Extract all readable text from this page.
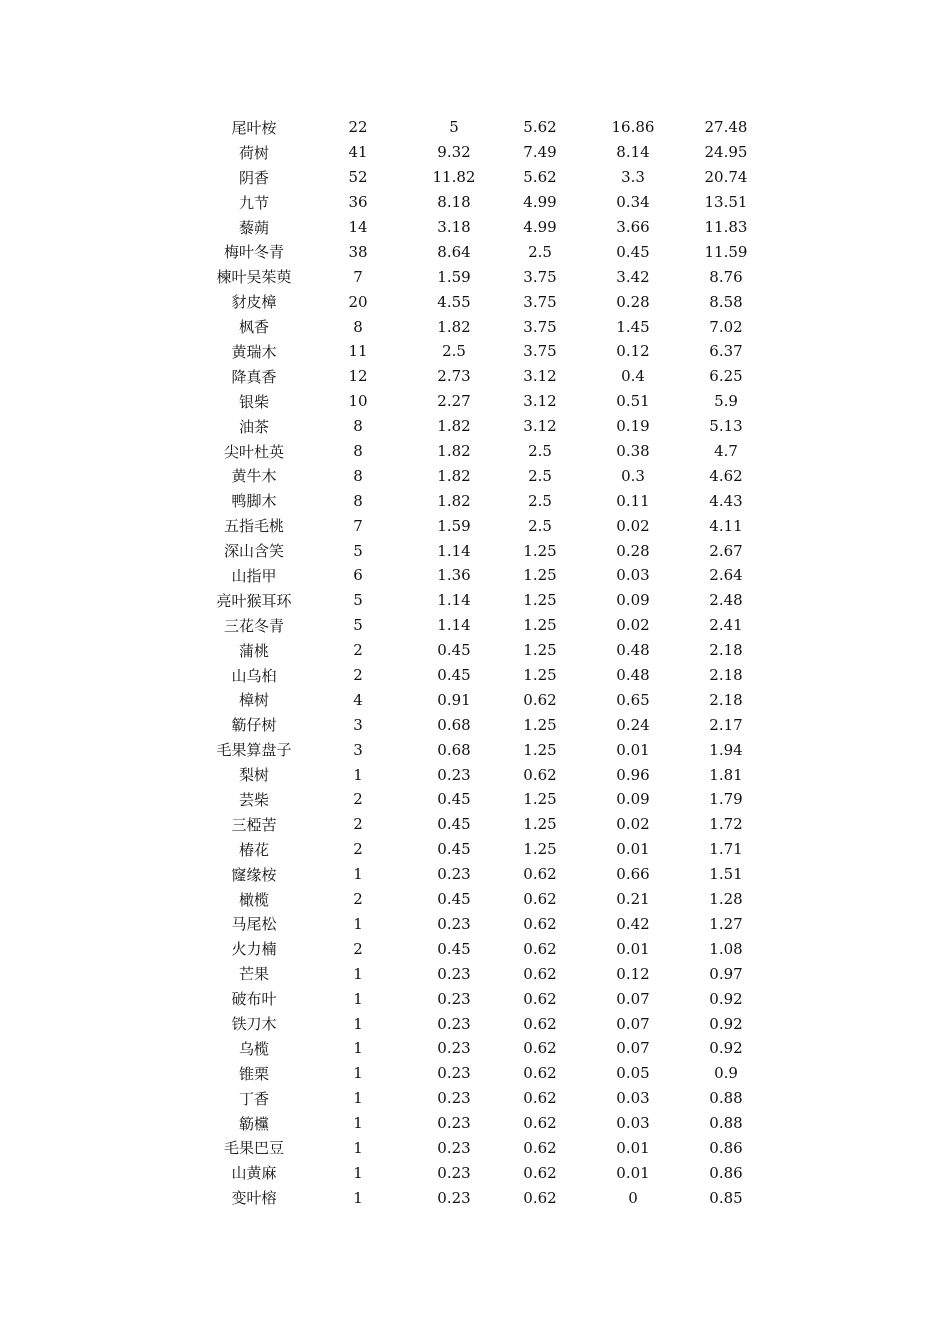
尾叶桉	22	5	5.62	16.86	27.48
荷树	41	9.32	7.49	8.14	24.95
阴香	52	11.82	5.62	3.3	20.74
九节	36	8.18	4.99	0.34	13.51
藜蒴	14	3.18	4.99	3.66	11.83
梅叶冬青	38	8.64	2.5	0.45	11.59
楝叶吴茱萸	7	1.59	3.75	3.42	8.76
豺皮樟	20	4.55	3.75	0.28	8.58
枫香	8	1.82	3.75	1.45	7.02
黄瑞木	11	2.5	3.75	0.12	6.37
降真香	12	2.73	3.12	0.4	6.25
银柴	10	2.27	3.12	0.51	5.9
油茶	8	1.82	3.12	0.19	5.13
尖叶杜英	8	1.82	2.5	0.38	4.7
黄牛木	8	1.82	2.5	0.3	4.62
鸭脚木	8	1.82	2.5	0.11	4.43
五指毛桃	7	1.59	2.5	0.02	4.11
深山含笑	5	1.14	1.25	0.28	2.67
山指甲	6	1.36	1.25	0.03	2.64
亮叶猴耳环	5	1.14	1.25	0.09	2.48
三花冬青	5	1.14	1.25	0.02	2.41
蒲桃	2	0.45	1.25	0.48	2.18
山乌桕	2	0.45	1.25	0.48	2.18
樟树	4	0.91	0.62	0.65	2.18
簕仔树	3	0.68	1.25	0.24	2.17
毛果算盘子	3	0.68	1.25	0.01	1.94
梨树	1	0.23	0.62	0.96	1.81
芸柴	2	0.45	1.25	0.09	1.79
三椏苦	2	0.45	1.25	0.02	1.72
椿花	2	0.45	1.25	0.01	1.71
窿缘桉	1	0.23	0.62	0.66	1.51
橄榄	2	0.45	0.62	0.21	1.28
马尾松	1	0.23	0.62	0.42	1.27
火力楠	2	0.45	0.62	0.01	1.08
芒果	1	0.23	0.62	0.12	0.97
破布叶	1	0.23	0.62	0.07	0.92
铁刀木	1	0.23	0.62	0.07	0.92
乌榄	1	0.23	0.62	0.07	0.92
锥栗	1	0.23	0.62	0.05	0.9
丁香	1	0.23	0.62	0.03	0.88
簕欓	1	0.23	0.62	0.03	0.88
毛果巴豆	1	0.23	0.62	0.01	0.86
山黄麻	1	0.23	0.62	0.01	0.86
变叶榕	1	0.23	0.62	0	0.85
